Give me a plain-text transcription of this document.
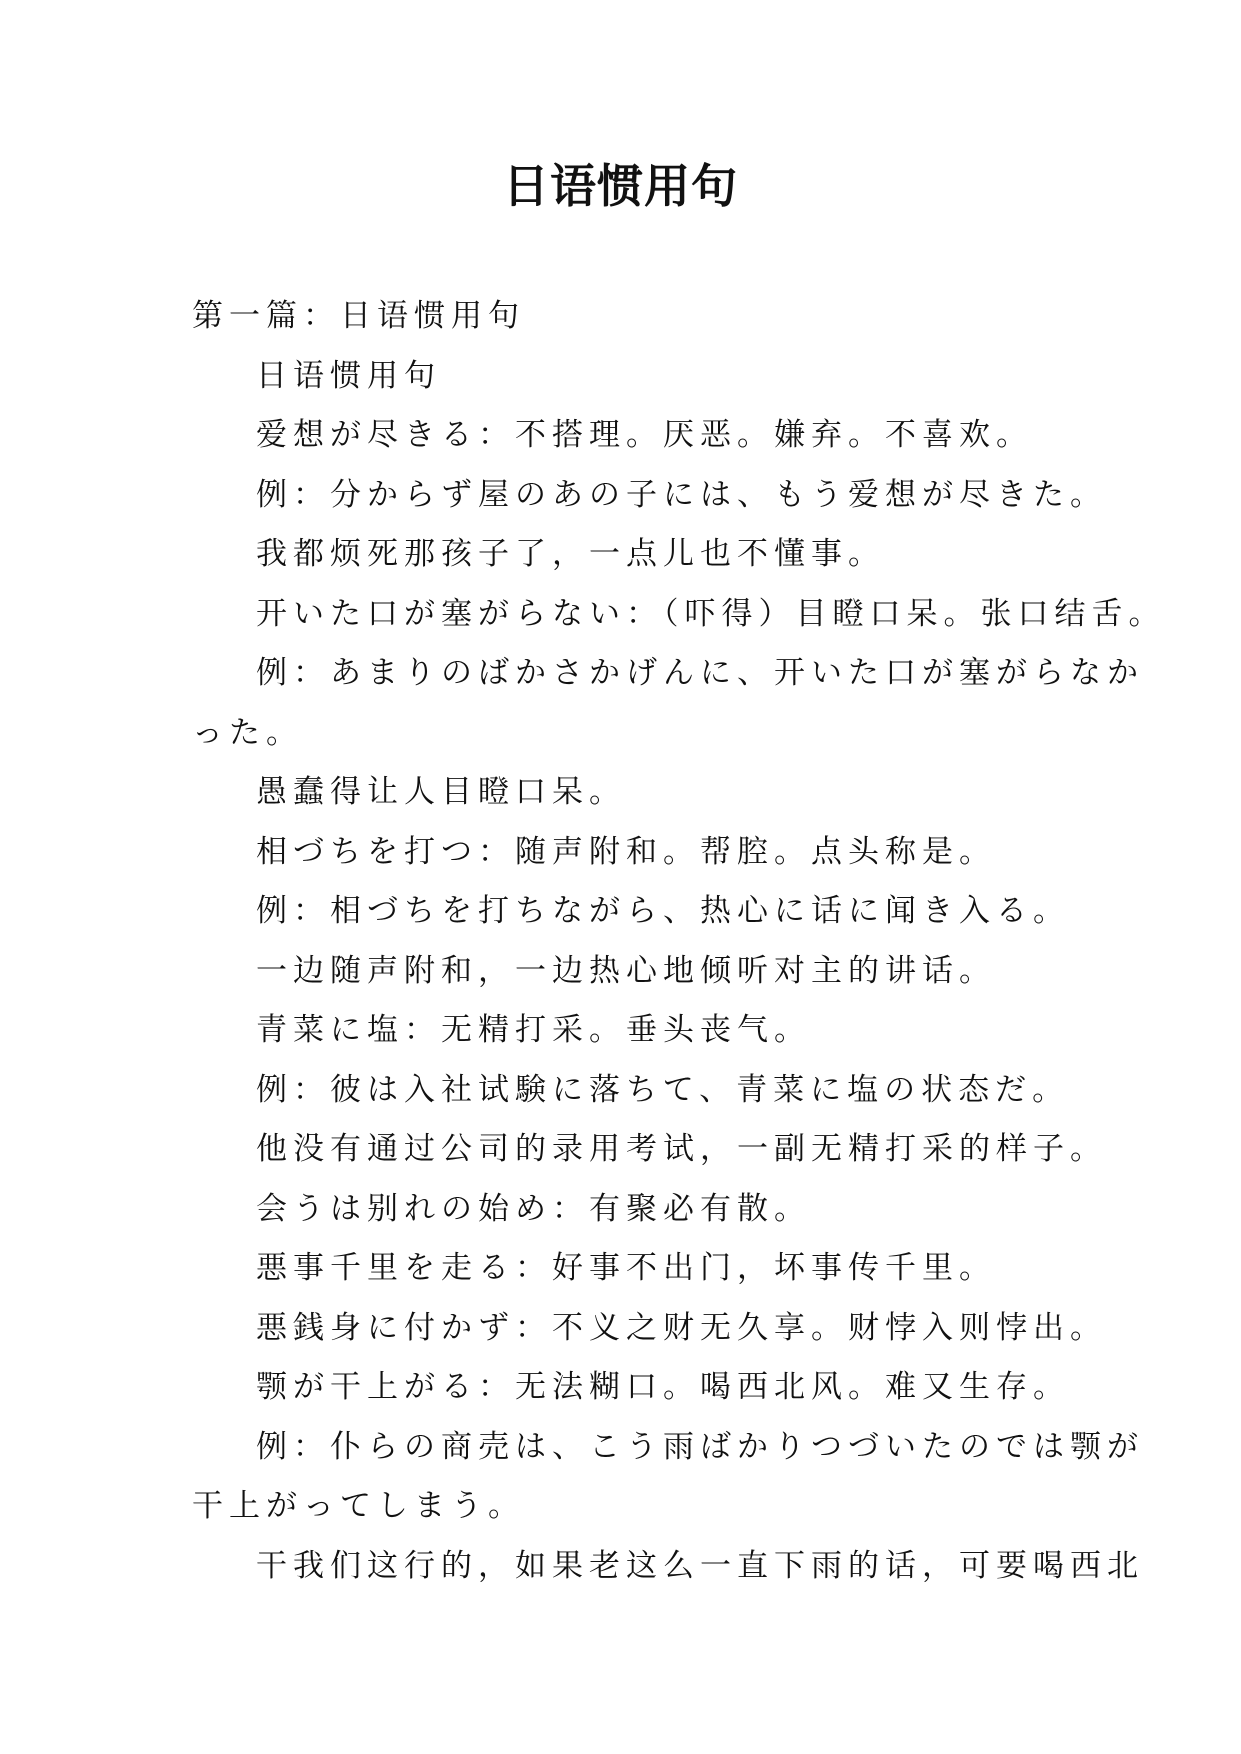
日语惯用句
第一篇：日语惯用句
日语惯用句
爱想が尽きる：不搭理。厌恶。嫌弃。不喜欢。
例：分からず屋のあの子には、もう爱想が尽きた。
我都烦死那孩子了，一点儿也不懂事。
开いた口が塞がらない：（吓得）目瞪口呆。张口结舌。
例：あまりのばかさかげんに、开いた口が塞がらなか
った。
愚蠢得让人目瞪口呆。
相づちを打つ：随声附和。帮腔。点头称是。
例：相づちを打ちながら、热心に话に闻き入る。
一边随声附和，一边热心地倾听对主的讲话。
青菜に塩：无精打采。垂头丧气。
例：彼は入社试験に落ちて、青菜に塩の状态だ。
他没有通过公司的录用考试，一副无精打采的样子。
会うは别れの始め：有聚必有散。
悪事千里を走る：好事不出门，坏事传千里。
悪銭身に付かず：不义之财无久享。财悖入则悖出。
颚が干上がる：无法糊口。喝西北风。难又生存。
例：仆らの商売は、こう雨ばかりつづいたのでは颚が
干上がってしまう。
干我们这行的，如果老这么一直下雨的话，可要喝西北
